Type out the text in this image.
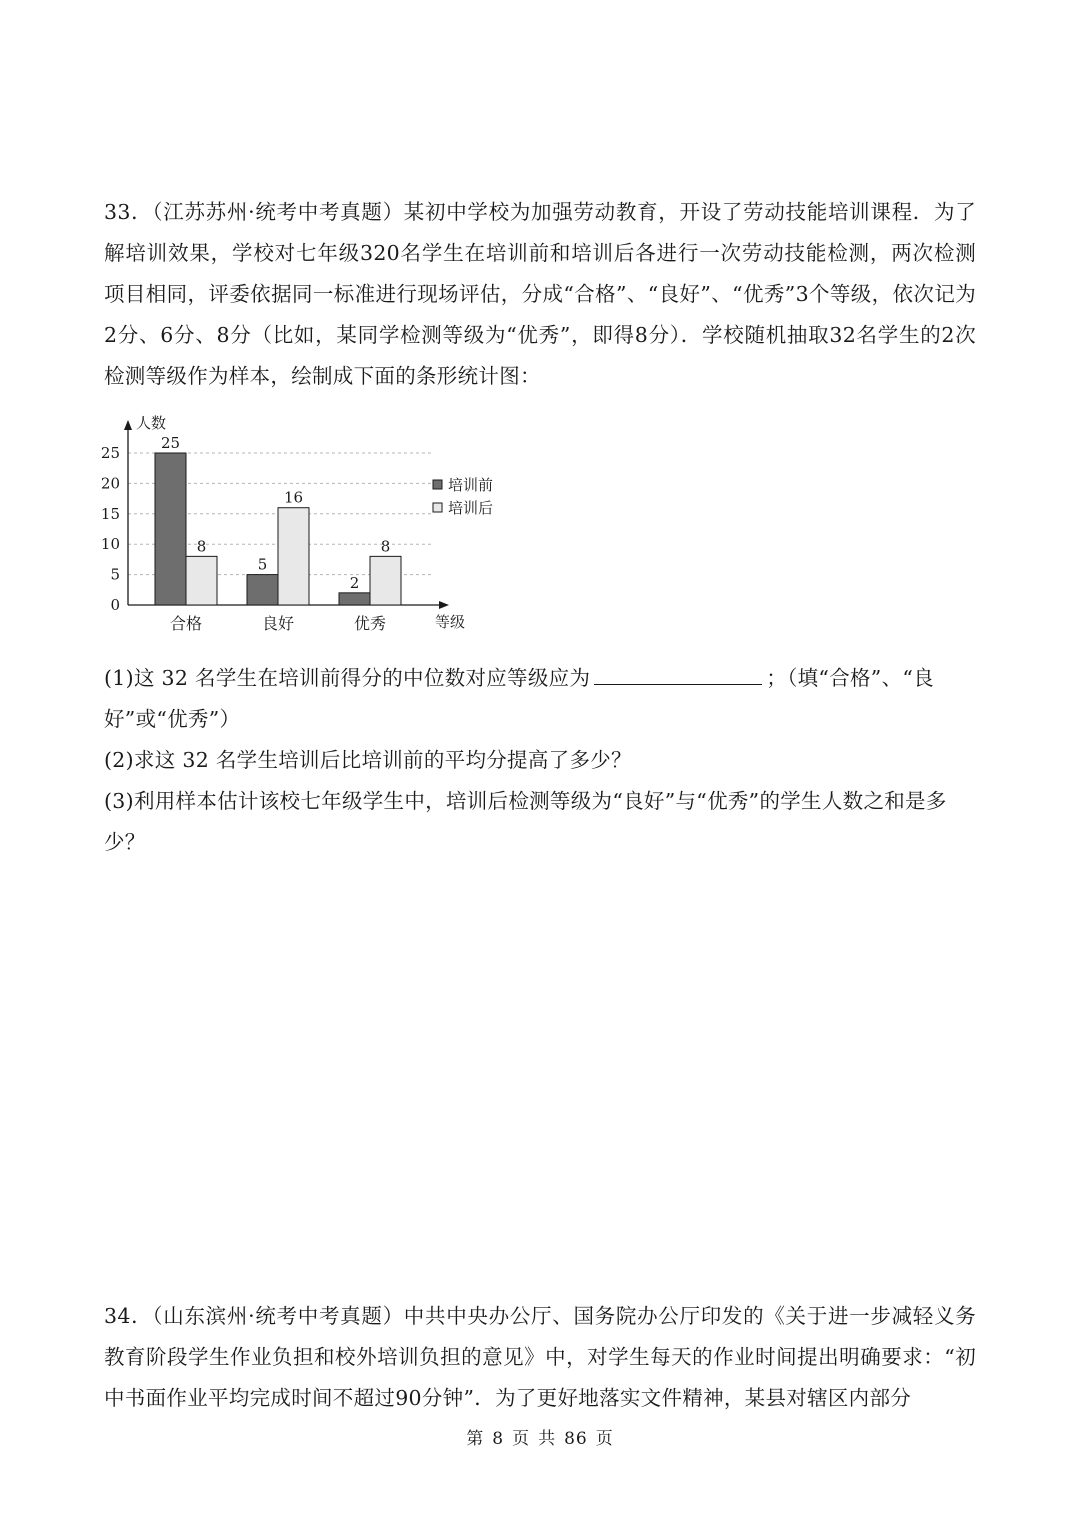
33．（江苏苏州·统考中考真题）某初中学校为加强劳动教育，开设了劳动技能培训课程．为了解培训效果，学校对七年级320名学生在培训前和培训后各进行一次劳动技能检测，两次检测项目相同，评委依据同一标准进行现场评估，分成“合格”、“良好”、“优秀”3个等级，依次记为2分、6分、8分（比如，某同学检测等级为“优秀”，即得8分）．学校随机抽取32名学生的2次检测等级作为样本，绘制成下面的条形统计图：
0
5
10
15
20
25
人数
等级
25
8
合格
5
16
良好
2
8
优秀
培训前
培训后
(1)这 32 名学生在培训前得分的中位数对应等级应为	；（填“合格”、“良好”或“优秀”）
(2)求这 32 名学生培训后比培训前的平均分提高了多少？
(3)利用样本估计该校七年级学生中，培训后检测等级为“良好”与“优秀”的学生人数之和是多少？
34．（山东滨州·统考中考真题）中共中央办公厅、国务院办公厅印发的《关于进一步减轻义务教育阶段学生作业负担和校外培训负担的意见》中，对学生每天的作业时间提出明确要求：“初中书面作业平均完成时间不超过90分钟”．为了更好地落实文件精神，某县对辖区内部分
第 8 页 共 86 页
